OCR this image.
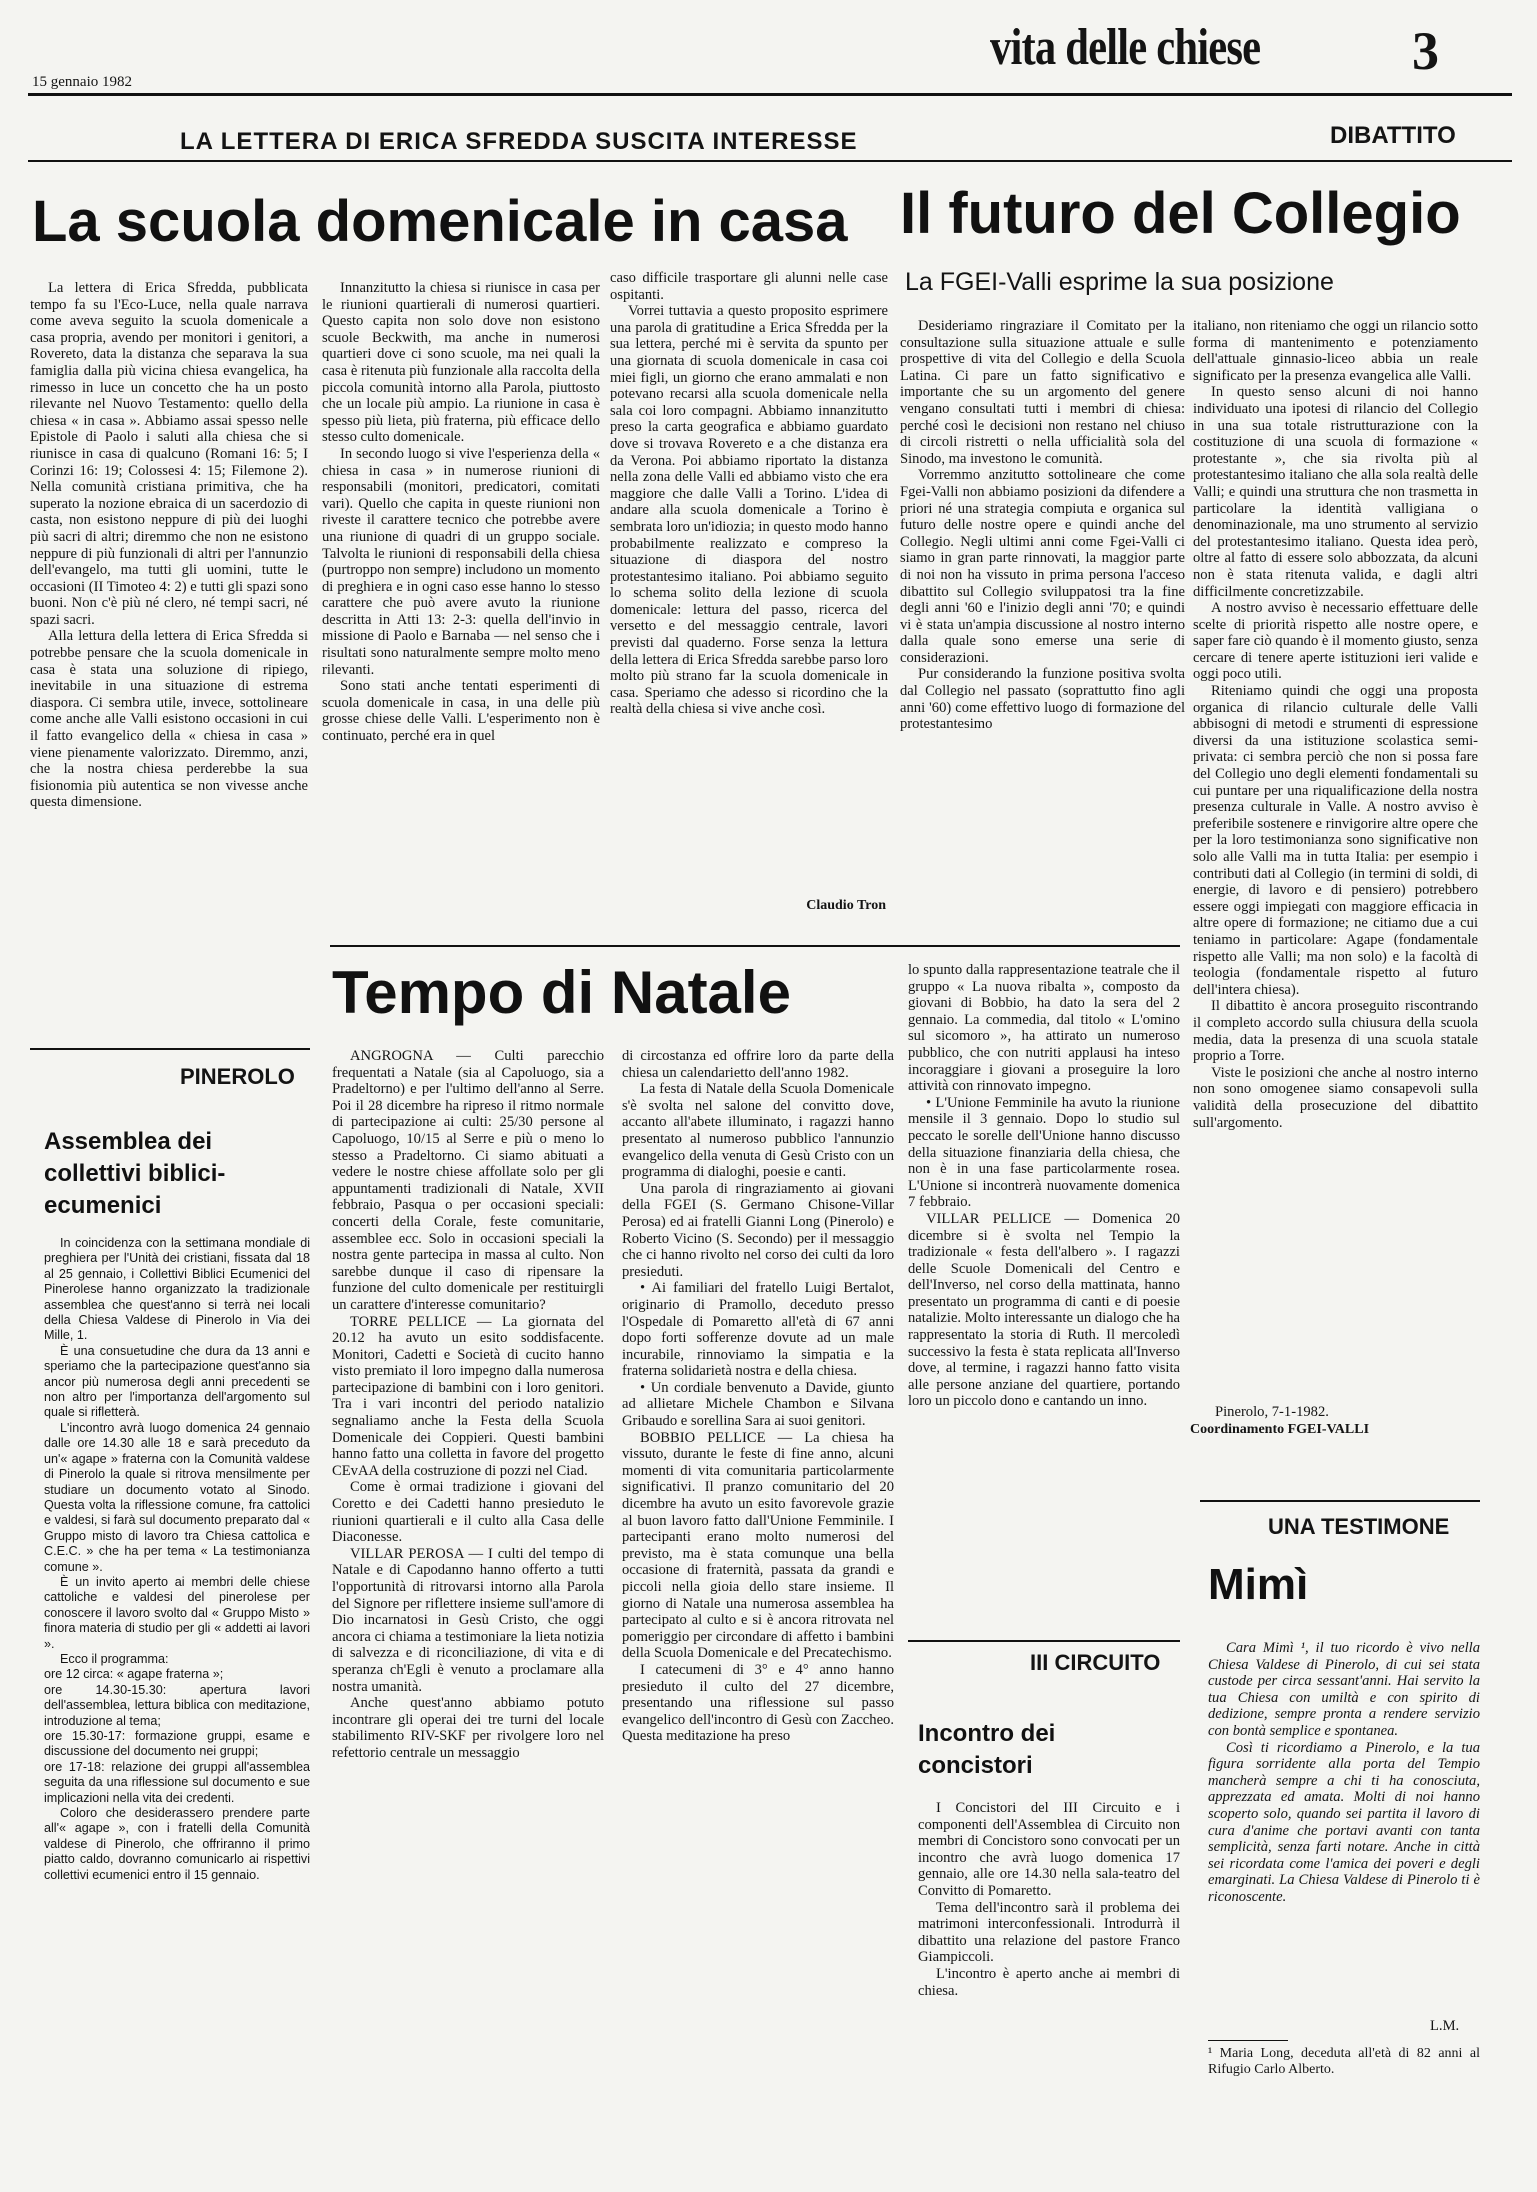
15 gennaio 1982
vita delle chiese	3
LA LETTERA DI ERICA SFREDDA SUSCITA INTERESSE	DIBATTITO
La scuola domenicale in casa

La lettera di Erica Sfredda, pubblicata tempo fa su l'Eco-Luce, nella quale narrava come aveva seguito la scuola domenicale a casa propria, avendo per monitori i genitori, a Rovereto, data la distanza che separava la sua famiglia dalla più vicina chiesa evangelica, ha rimesso in luce un concetto che ha un posto rilevante nel Nuovo Testamento: quello della chiesa « in casa ». Abbiamo assai spesso nelle Epistole di Paolo i saluti alla chiesa che si riunisce in casa di qualcuno (Romani 16: 5; I Corinzi 16: 19; Colossesi 4: 15; Filemone 2). Nella comunità cristiana primitiva, che ha superato la nozione ebraica di un sacerdozio di casta, non esistono neppure di più dei luoghi più sacri di altri; diremmo che non ne esistono neppure di più funzionali di altri per l'annunzio dell'evangelo, ma tutti gli uomini, tutte le occasioni (II Timoteo 4: 2) e tutti gli spazi sono buoni. Non c'è più né clero, né tempi sacri, né spazi sacri.

Alla lettura della lettera di Erica Sfredda si potrebbe pensare che la scuola domenicale in casa è stata una soluzione di ripiego, inevitabile in una situazione di estrema diaspora. Ci sembra utile, invece, sottolineare come anche alle Valli esistono occasioni in cui il fatto evangelico della « chiesa in casa » viene pienamente valorizzato. Diremmo, anzi, che la nostra chiesa perderebbe la sua fisionomia più autentica se non vivesse anche questa dimensione.

Innanzitutto la chiesa si riunisce in casa per le riunioni quartierali di numerosi quartieri. Questo capita non solo dove non esistono scuole Beckwith, ma anche in numerosi quartieri dove ci sono scuole, ma nei quali la casa è ritenuta più funzionale alla raccolta della piccola comunità intorno alla Parola, piuttosto che un locale più ampio. La riunione in casa è spesso più lieta, più fraterna, più efficace dello stesso culto domenicale.

In secondo luogo si vive l'esperienza della « chiesa in casa » in numerose riunioni di responsabili (monitori, predicatori, comitati vari). Quello che capita in queste riunioni non riveste il carattere tecnico che potrebbe avere una riunione di quadri di un gruppo sociale. Talvolta le riunioni di responsabili della chiesa (purtroppo non sempre) includono un momento di preghiera e in ogni caso esse hanno lo stesso carattere che può avere avuto la riunione descritta in Atti 13: 2-3: quella dell'invio in missione di Paolo e Barnaba — nel senso che i risultati sono naturalmente sempre molto meno rilevanti.

Sono stati anche tentati esperimenti di scuola domenicale in casa, in una delle più grosse chiese delle Valli. L'esperimento non è continuato, perché era in quel

caso difficile trasportare gli alunni nelle case ospitanti.

Vorrei tuttavia a questo proposito esprimere una parola di gratitudine a Erica Sfredda per la sua lettera, perché mi è servita da spunto per una giornata di scuola domenicale in casa coi miei figli, un giorno che erano ammalati e non potevano recarsi alla scuola domenicale nella sala coi loro compagni. Abbiamo innanzitutto preso la carta geografica e abbiamo guardato dove si trovava Rovereto e a che distanza era da Verona. Poi abbiamo riportato la distanza nella zona delle Valli ed abbiamo visto che era maggiore che dalle Valli a Torino. L'idea di andare alla scuola domenicale a Torino è sembrata loro un'idiozia; in questo modo hanno probabilmente realizzato e compreso la situazione di diaspora del nostro protestantesimo italiano. Poi abbiamo seguito lo schema solito della lezione di scuola domenicale: lettura del passo, ricerca del versetto e del messaggio centrale, lavori previsti dal quaderno. Forse senza la lettura della lettera di Erica Sfredda sarebbe parso loro molto più strano far la scuola domenicale in casa. Speriamo che adesso si ricordino che la realtà della chiesa si vive anche così.

Claudio Tron
Il futuro del Collegio
La FGEI-Valli esprime la sua posizione

Desideriamo ringraziare il Comitato per la consultazione sulla situazione attuale e sulle prospettive di vita del Collegio e della Scuola Latina. Ci pare un fatto significativo e importante che su un argomento del genere vengano consultati tutti i membri di chiesa: perché così le decisioni non restano nel chiuso di circoli ristretti o nella ufficialità sola del Sinodo, ma investono le comunità.

Vorremmo anzitutto sottolineare che come Fgei-Valli non abbiamo posizioni da difendere a priori né una strategia compiuta e organica sul futuro delle nostre opere e quindi anche del Collegio. Negli ultimi anni come Fgei-Valli ci siamo in gran parte rinnovati, la maggior parte di noi non ha vissuto in prima persona l'acceso dibattito sul Collegio sviluppatosi tra la fine degli anni '60 e l'inizio degli anni '70; e quindi vi è stata un'ampia discussione al nostro interno dalla quale sono emerse una serie di considerazioni.

Pur considerando la funzione positiva svolta dal Collegio nel passato (soprattutto fino agli anni '60) come effettivo luogo di formazione del protestantesimo

italiano, non riteniamo che oggi un rilancio sotto forma di mantenimento e potenziamento dell'attuale ginnasio-liceo abbia un reale significato per la presenza evangelica alle Valli.

In questo senso alcuni di noi hanno individuato una ipotesi di rilancio del Collegio in una sua totale ristrutturazione con la costituzione di una scuola di formazione « protestante », che sia rivolta più al protestantesimo italiano che alla sola realtà delle Valli; e quindi una struttura che non trasmetta in particolare la identità valligiana o denominazionale, ma uno strumento al servizio del protestantesimo italiano. Questa idea però, oltre al fatto di essere solo abbozzata, da alcuni non è stata ritenuta valida, e dagli altri difficilmente concretizzabile.

A nostro avviso è necessario effettuare delle scelte di priorità rispetto alle nostre opere, e saper fare ciò quando è il momento giusto, senza cercare di tenere aperte istituzioni ieri valide e oggi poco utili.

Riteniamo quindi che oggi una proposta organica di rilancio culturale delle Valli abbisogni di metodi e strumenti di espressione diversi da una istituzione scolastica semi-privata: ci sembra perciò che non si possa fare del Collegio uno degli elementi fondamentali su cui puntare per una riqualificazione della nostra presenza culturale in Valle. A nostro avviso è preferibile sostenere e rinvigorire altre opere che per la loro testimonianza sono significative non solo alle Valli ma in tutta Italia: per esempio i contributi dati al Collegio (in termini di soldi, di energie, di lavoro e di pensiero) potrebbero essere oggi impiegati con maggiore efficacia in altre opere di formazione; ne citiamo due a cui teniamo in particolare: Agape (fondamentale rispetto alle Valli; ma non solo) e la facoltà di teologia (fondamentale rispetto al futuro dell'intera chiesa).

Il dibattito è ancora proseguito riscontrando il completo accordo sulla chiusura della scuola media, data la presenza di una scuola statale proprio a Torre.

Viste le posizioni che anche al nostro interno non sono omogenee siamo consapevoli sulla validità della prosecuzione del dibattito sull'argomento.

Pinerolo, 7-1-1982.
Coordinamento FGEI-VALLI
Tempo di Natale

ANGROGNA — Culti parecchio frequentati a Natale (sia al Capoluogo, sia a Pradeltorno) e per l'ultimo dell'anno al Serre. Poi il 28 dicembre ha ripreso il ritmo normale di partecipazione ai culti: 25/30 persone al Capoluogo, 10/15 al Serre e più o meno lo stesso a Pradeltorno. Ci siamo abituati a vedere le nostre chiese affollate solo per gli appuntamenti tradizionali di Natale, XVII febbraio, Pasqua o per occasioni speciali: concerti della Corale, feste comunitarie, assemblee ecc. Solo in occasioni speciali la nostra gente partecipa in massa al culto. Non sarebbe dunque il caso di ripensare la funzione del culto domenicale per restituirgli un carattere d'interesse comunitario?

TORRE PELLICE — La giornata del 20.12 ha avuto un esito soddisfacente. Monitori, Cadetti e Società di cucito hanno visto premiato il loro impegno dalla numerosa partecipazione di bambini con i loro genitori. Tra i vari incontri del periodo natalizio segnaliamo anche la Festa della Scuola Domenicale dei Coppieri. Questi bambini hanno fatto una colletta in favore del progetto CEvAA della costruzione di pozzi nel Ciad.

Come è ormai tradizione i giovani del Coretto e dei Cadetti hanno presieduto le riunioni quartierali e il culto alla Casa delle Diaconesse.

VILLAR PEROSA — I culti del tempo di Natale e di Capodanno hanno offerto a tutti l'opportunità di ritrovarsi intorno alla Parola del Signore per riflettere insieme sull'amore di Dio incarnatosi in Gesù Cristo, che oggi ancora ci chiama a testimoniare la lieta notizia di salvezza e di riconciliazione, di vita e di speranza ch'Egli è venuto a proclamare alla nostra umanità.

Anche quest'anno abbiamo potuto incontrare gli operai dei tre turni del locale stabilimento RIV-SKF per rivolgere loro nel refettorio centrale un messaggio

di circostanza ed offrire loro da parte della chiesa un calendarietto dell'anno 1982.

La festa di Natale della Scuola Domenicale s'è svolta nel salone del convitto dove, accanto all'abete illuminato, i ragazzi hanno presentato al numeroso pubblico l'annunzio evangelico della venuta di Gesù Cristo con un programma di dialoghi, poesie e canti.

Una parola di ringraziamento ai giovani della FGEI (S. Germano Chisone-Villar Perosa) ed ai fratelli Gianni Long (Pinerolo) e Roberto Vicino (S. Secondo) per il messaggio che ci hanno rivolto nel corso dei culti da loro presieduti.

• Ai familiari del fratello Luigi Bertalot, originario di Pramollo, deceduto presso l'Ospedale di Pomaretto all'età di 67 anni dopo forti sofferenze dovute ad un male incurabile, rinnoviamo la simpatia e la fraterna solidarietà nostra e della chiesa.

• Un cordiale benvenuto a Davide, giunto ad allietare Michele Chambon e Silvana Gribaudo e sorellina Sara ai suoi genitori.

BOBBIO PELLICE — La chiesa ha vissuto, durante le feste di fine anno, alcuni momenti di vita comunitaria particolarmente significativi. Il pranzo comunitario del 20 dicembre ha avuto un esito favorevole grazie al buon lavoro fatto dall'Unione Femminile. I partecipanti erano molto numerosi del previsto, ma è stata comunque una bella occasione di fraternità, passata da grandi e piccoli nella gioia dello stare insieme. Il giorno di Natale una numerosa assemblea ha partecipato al culto e si è ancora ritrovata nel pomeriggio per circondare di affetto i bambini della Scuola Domenicale e del Precatechismo.

I catecumeni di 3° e 4° anno hanno presieduto il culto del 27 dicembre, presentando una riflessione sul passo evangelico dell'incontro di Gesù con Zaccheo. Questa meditazione ha preso

lo spunto dalla rappresentazione teatrale che il gruppo « La nuova ribalta », composto da giovani di Bobbio, ha dato la sera del 2 gennaio. La commedia, dal titolo « L'omino sul sicomoro », ha attirato un numeroso pubblico, che con nutriti applausi ha inteso incoraggiare i giovani a proseguire la loro attività con rinnovato impegno.

• L'Unione Femminile ha avuto la riunione mensile il 3 gennaio. Dopo lo studio sul peccato le sorelle dell'Unione hanno discusso della situazione finanziaria della chiesa, che non è in una fase particolarmente rosea. L'Unione si incontrerà nuovamente domenica 7 febbraio.

VILLAR PELLICE — Domenica 20 dicembre si è svolta nel Tempio la tradizionale « festa dell'albero ». I ragazzi delle Scuole Domenicali del Centro e dell'Inverso, nel corso della mattinata, hanno presentato un programma di canti e di poesie natalizie. Molto interessante un dialogo che ha rappresentato la storia di Ruth. Il mercoledì successivo la festa è stata replicata all'Inverso dove, al termine, i ragazzi hanno fatto visita alle persone anziane del quartiere, portando loro un piccolo dono e cantando un inno.

III CIRCUITO
Incontro dei concistori

I Concistori del III Circuito e i componenti dell'Assemblea di Circuito non membri di Concistoro sono convocati per un incontro che avrà luogo domenica 17 gennaio, alle ore 14.30 nella sala-teatro del Convitto di Pomaretto.

Tema dell'incontro sarà il problema dei matrimoni interconfessionali. Introdurrà il dibattito una relazione del pastore Franco Giampiccoli.

L'incontro è aperto anche ai membri di chiesa.

PINEROLO
Assemblea dei collettivi biblici-ecumenici

In coincidenza con la settimana mondiale di preghiera per l'Unità dei cristiani, fissata dal 18 al 25 gennaio, i Collettivi Biblici Ecumenici del Pinerolese hanno organizzato la tradizionale assemblea che quest'anno si terrà nei locali della Chiesa Valdese di Pinerolo in Via dei Mille, 1.

È una consuetudine che dura da 13 anni e speriamo che la partecipazione quest'anno sia ancor più numerosa degli anni precedenti se non altro per l'importanza dell'argomento sul quale si rifletterà.

L'incontro avrà luogo domenica 24 gennaio dalle ore 14.30 alle 18 e sarà preceduto da un'« agape » fraterna con la Comunità valdese di Pinerolo la quale si ritrova mensilmente per studiare un documento votato al Sinodo. Questa volta la riflessione comune, fra cattolici e valdesi, si farà sul documento preparato dal « Gruppo misto di lavoro tra Chiesa cattolica e C.E.C. » che ha per tema « La testimonianza comune ».

È un invito aperto ai membri delle chiese cattoliche e valdesi del pinerolese per conoscere il lavoro svolto dal « Gruppo Misto » finora materia di studio per gli « addetti ai lavori ».

Ecco il programma:

ore 12 circa: « agape fraterna »;

ore 14.30-15.30: apertura lavori dell'assemblea, lettura biblica con meditazione, introduzione al tema;

ore 15.30-17: formazione gruppi, esame e discussione del documento nei gruppi;

ore 17-18: relazione dei gruppi all'assemblea seguita da una riflessione sul documento e sue implicazioni nella vita dei credenti.

Coloro che desiderassero prendere parte all'« agape », con i fratelli della Comunità valdese di Pinerolo, che offriranno il primo piatto caldo, dovranno comunicarlo ai rispettivi collettivi ecumenici entro il 15 gennaio.

UNA TESTIMONE
Mimì

Cara Mimì ¹, il tuo ricordo è vivo nella Chiesa Valdese di Pinerolo, di cui sei stata custode per circa sessant'anni. Hai servito la tua Chiesa con umiltà e con spirito di dedizione, sempre pronta a rendere servizio con bontà semplice e spontanea.

Così ti ricordiamo a Pinerolo, e la tua figura sorridente alla porta del Tempio mancherà sempre a chi ti ha conosciuta, apprezzata ed amata. Molti di noi hanno scoperto solo, quando sei partita il lavoro di cura d'anime che portavi avanti con tanta semplicità, senza farti notare. Anche in città sei ricordata come l'amica dei poveri e degli emarginati. La Chiesa Valdese di Pinerolo ti è riconoscente.

L.M.

¹ Maria Long, deceduta all'età di 82 anni al Rifugio Carlo Alberto.
